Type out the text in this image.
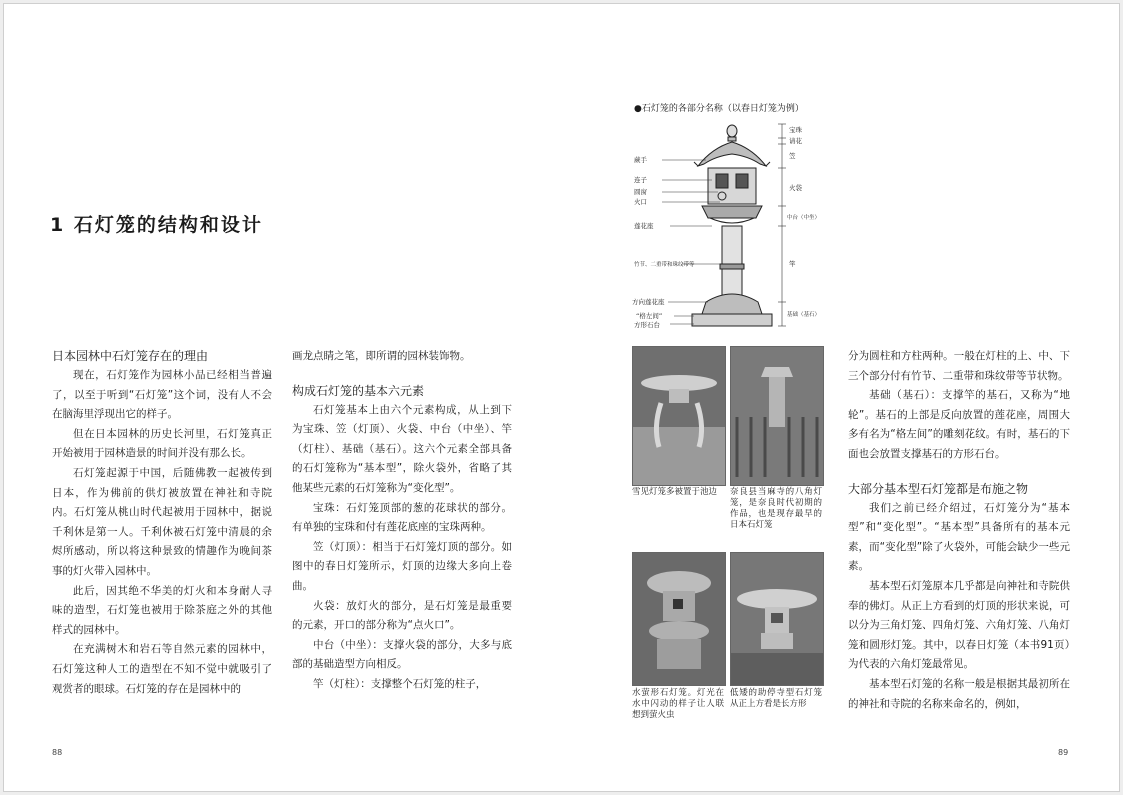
1 石灯笼的结构和设计
日本园林中石灯笼存在的理由

现在，石灯笼作为园林小品已经相当普遍了，以至于听到“石灯笼”这个词，没有人不会在脑海里浮现出它的样子。

但在日本园林的历史长河里，石灯笼真正开始被用于园林造景的时间并没有那么长。

石灯笼起源于中国，后随佛教一起被传到日本，作为佛前的供灯被放置在神社和寺院内。石灯笼从桃山时代起被用于园林中，据说千利休是第一人。千利休被石灯笼中清晨的余烬所感动，所以将这种景致的情趣作为晚间茶事的灯火带入园林中。

此后，因其绝不华美的灯火和本身耐人寻味的造型，石灯笼也被用于除茶庭之外的其他样式的园林中。

在充满树木和岩石等自然元素的园林中，石灯笼这种人工的造型在不知不觉中就吸引了观赏者的眼球。石灯笼的存在是园林中的

画龙点睛之笔，即所谓的园林装饰物。

构成石灯笼的基本六元素

石灯笼基本上由六个元素构成，从上到下为宝珠、笠（灯顶）、火袋、中台（中坐）、竿（灯柱）、基础（基石）。这六个元素全部具备的石灯笼称为“基本型”，除火袋外，省略了其他某些元素的石灯笼称为“变化型”。

宝珠：石灯笼顶部的葱的花球状的部分。有单独的宝珠和付有莲花底座的宝珠两种。

笠（灯顶）：相当于石灯笼灯顶的部分。如图中的春日灯笼所示，灯顶的边缘大多向上卷曲。

火袋：放灯火的部分，是石灯笼是最重要的元素，开口的部分称为“点火口”。

中台（中坐）：支撑火袋的部分，大多与底部的基础造型方向相反。

竿（灯柱）：支撑整个石灯笼的柱子，

88
●石灯笼的各部分名称（以春日灯笼为例）
蕨手
连子
圆窗
火口
莲花座
竹节、二重带和珠纹带等
方向莲花座
“格左间”
方形石台
宝珠
请花
笠
火袋
中台（中坐）
竿
基础（基石）
雪见灯笼多被置于池边	奈良县当麻寺的八角灯笼，是奈良时代初期的作品，也是现存最早的日本石灯笼
水萤形石灯笼。灯光在水中闪动的样子让人联想到萤火虫
低矮的助停寺型石灯笼从正上方看是长方形

分为圆柱和方柱两种。一般在灯柱的上、中、下三个部分付有竹节、二重带和珠纹带等节状物。

基础（基石）：支撑竿的基石，又称为“地轮”。基石的上部是反向放置的莲花座，周围大多有名为“格左间”的雕刻花纹。有时，基石的下面也会放置支撑基石的方形石台。

大部分基本型石灯笼都是布施之物

我们之前已经介绍过，石灯笼分为“基本型”和“变化型”。“基本型”具备所有的基本元素，而“变化型”除了火袋外，可能会缺少一些元素。

基本型石灯笼原本几乎都是向神社和寺院供奉的佛灯。从正上方看到的灯顶的形状来说，可以分为三角灯笼、四角灯笼、六角灯笼、八角灯笼和圆形灯笼。其中，以春日灯笼（本书91页）为代表的六角灯笼最常见。

基本型石灯笼的名称一般是根据其最初所在的神社和寺院的名称来命名的，例如，

89
